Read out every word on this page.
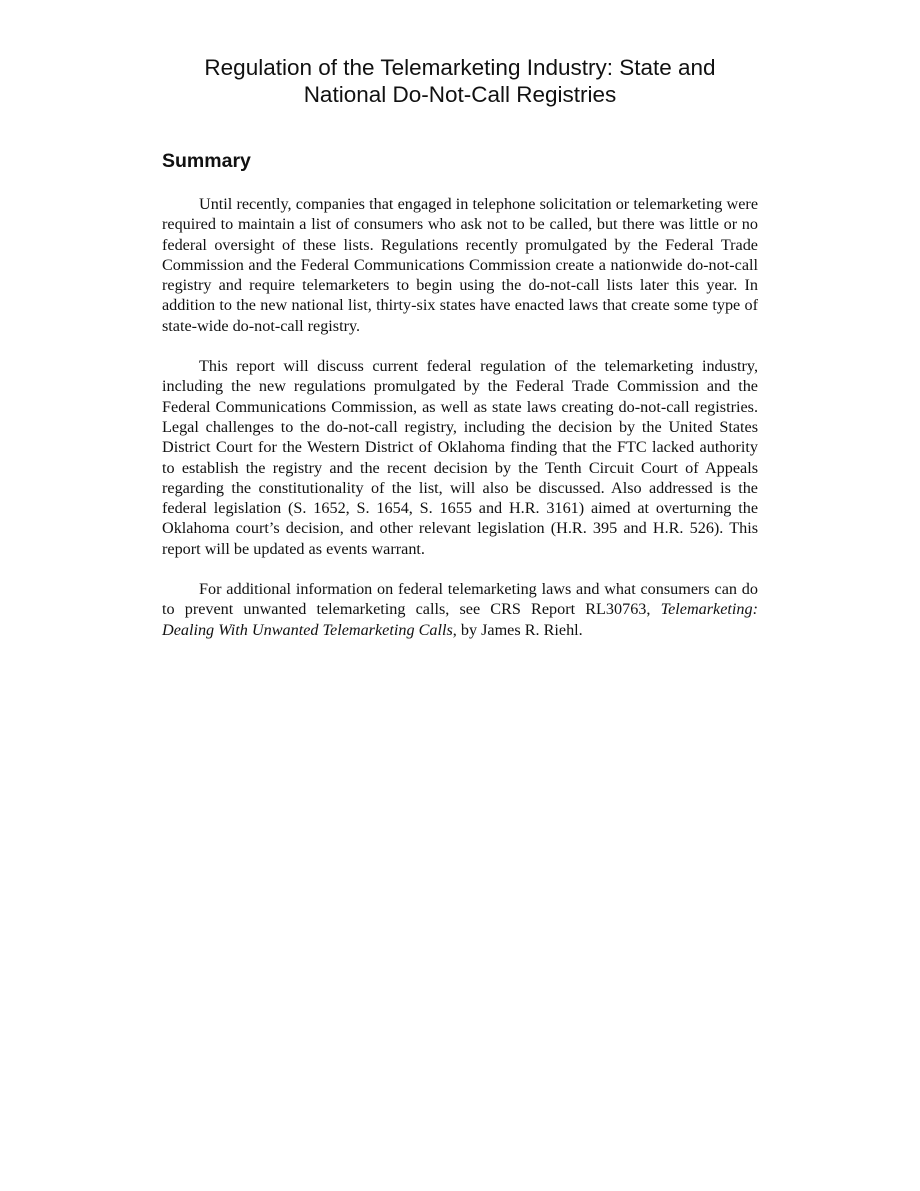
Regulation of the Telemarketing Industry: State and
National Do-Not-Call Registries
Summary

Until recently, companies that engaged in telephone solicitation or telemarketing were required to maintain a list of consumers who ask not to be called, but there was little or no federal oversight of these lists. Regulations recently promulgated by the Federal Trade Commission and the Federal Communications Commission create a nationwide do-not-call registry and require telemarketers to begin using the do-not-call lists later this year. In addition to the new national list, thirty-six states have enacted laws that create some type of state-wide do-not-call registry.

This report will discuss current federal regulation of the telemarketing industry, including the new regulations promulgated by the Federal Trade Commission and the Federal Communications Commission, as well as state laws creating do-not-call registries. Legal challenges to the do-not-call registry, including the decision by the United States District Court for the Western District of Oklahoma finding that the FTC lacked authority to establish the registry and the recent decision by the Tenth Circuit Court of Appeals regarding the constitutionality of the list, will also be discussed. Also addressed is the federal legislation (S. 1652, S. 1654, S. 1655 and H.R. 3161) aimed at overturning the Oklahoma court’s decision, and other relevant legislation (H.R. 395 and H.R. 526). This report will be updated as events warrant.

For additional information on federal telemarketing laws and what consumers can do to prevent unwanted telemarketing calls, see CRS Report RL30763, Telemarketing: Dealing With Unwanted Telemarketing Calls, by James R. Riehl.
